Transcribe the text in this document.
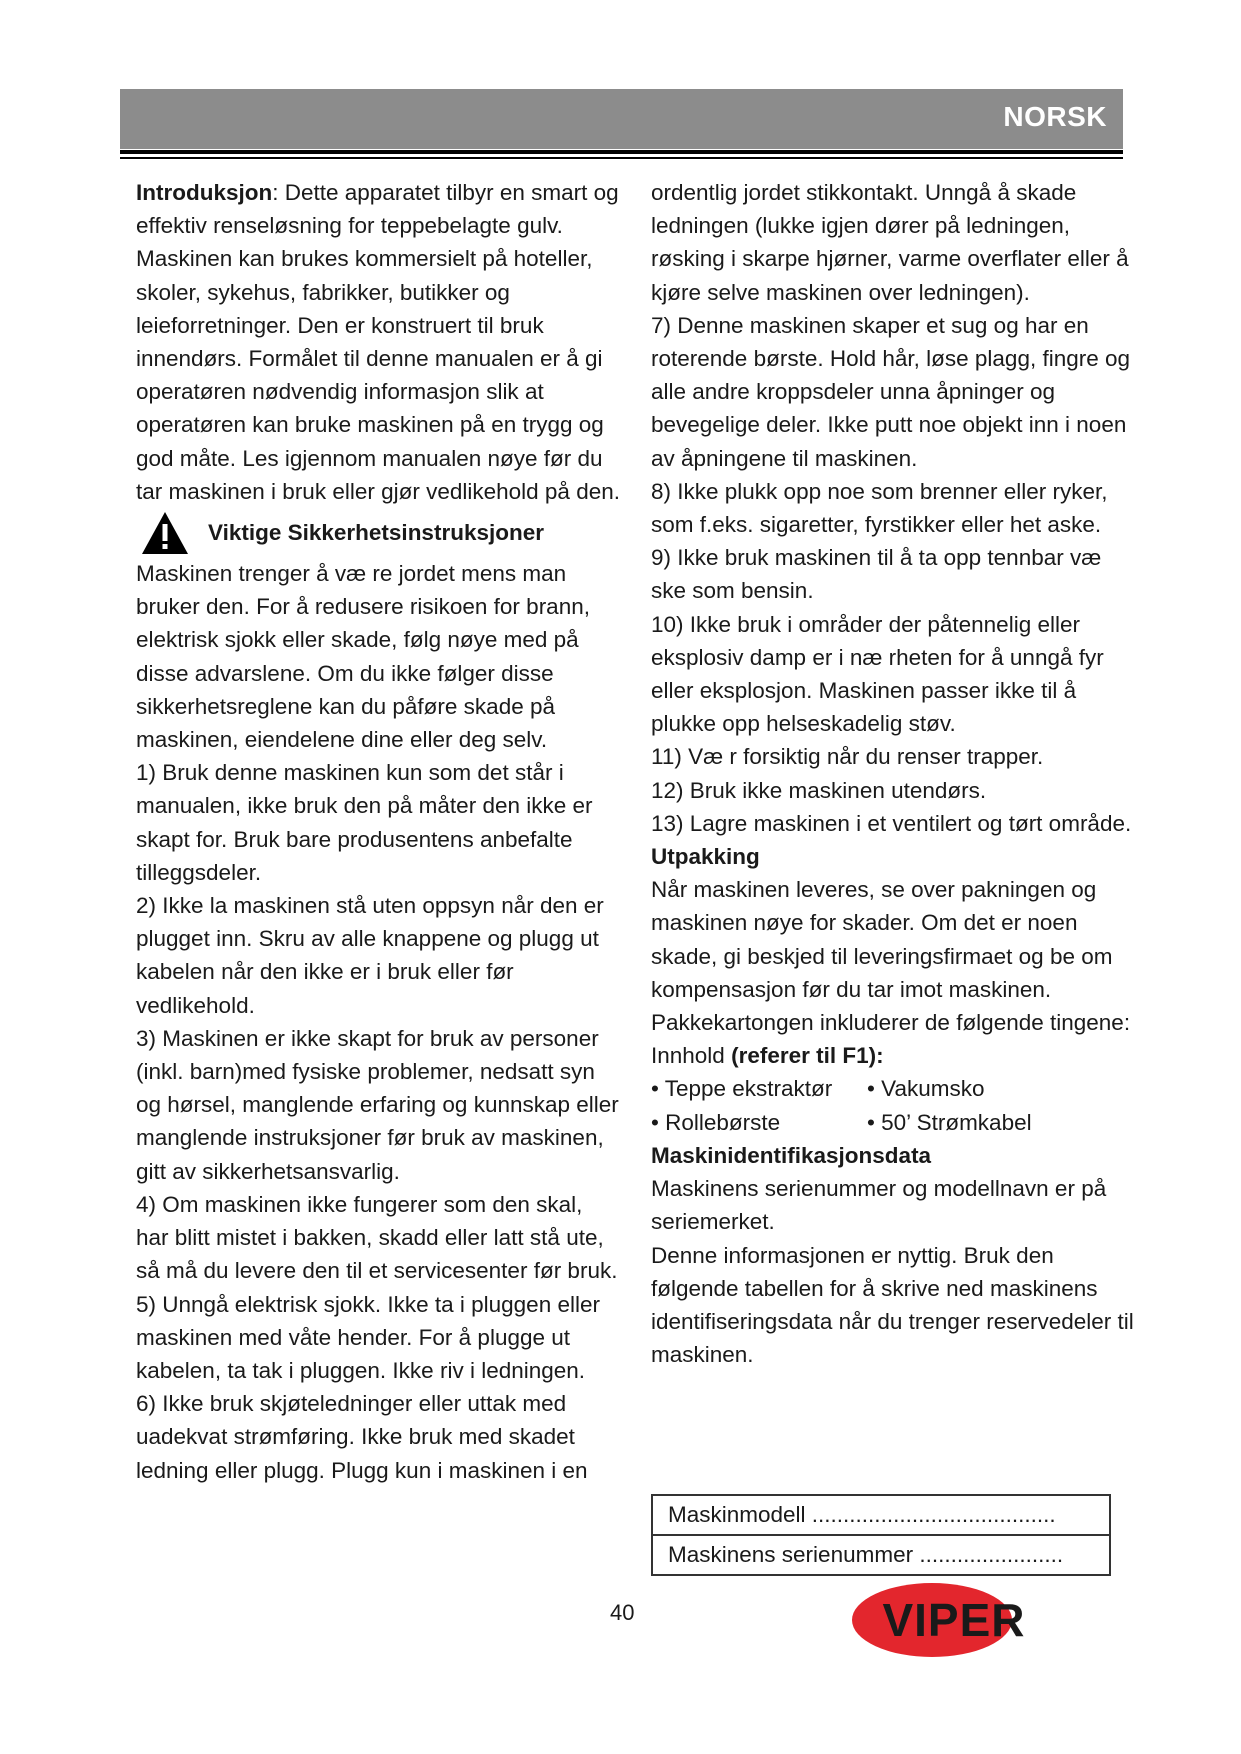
NORSK

Introduksjon: Dette apparatet tilbyr en smart og effektiv renseløsning for teppebelagte gulv. Maskinen kan brukes kommersielt på hoteller, skoler, sykehus, fabrikker, butikker og leieforretninger. Den er konstruert til bruk innendørs. Formålet til denne manualen er å gi operatøren nødvendig informasjon slik at operatøren kan bruke maskinen på en trygg og god måte. Les igjennom manualen nøye før du tar maskinen i bruk eller gjør vedlikehold på den.

Viktige Sikkerhetsinstruksjoner

Maskinen trenger å væ re jordet mens man bruker den. For å redusere risikoen for brann, elektrisk sjokk eller skade, følg nøye med på disse advarslene. Om du ikke følger disse sikkerhetsreglene kan du påføre skade på maskinen, eiendelene dine eller deg selv.

1) Bruk denne maskinen kun som det står i manualen, ikke bruk den på måter den ikke er skapt for. Bruk bare produsentens anbefalte tilleggsdeler.

2) Ikke la maskinen stå uten oppsyn når den er plugget inn. Skru av alle knappene og plugg ut kabelen når den ikke er i bruk eller før vedlikehold.

3) Maskinen er ikke skapt for bruk av personer (inkl. barn)med fysiske problemer, nedsatt syn og hørsel, manglende erfaring og kunnskap eller manglende instruksjoner før bruk av maskinen, gitt av sikkerhetsansvarlig.

4) Om maskinen ikke fungerer som den skal, har blitt mistet i bakken, skadd eller latt stå ute, så må du levere den til et servicesenter før bruk.

5) Unngå elektrisk sjokk. Ikke ta i pluggen eller maskinen med våte hender. For å plugge ut kabelen, ta tak i pluggen. Ikke riv i ledningen.

6) Ikke bruk skjøteledninger eller uttak med uadekvat strømføring. Ikke bruk med skadet ledning eller plugg. Plugg kun i maskinen i en

ordentlig jordet stikkontakt. Unngå å skade ledningen (lukke igjen dører på ledningen, røsking i skarpe hjørner, varme overflater eller å kjøre selve maskinen over ledningen).

7) Denne maskinen skaper et sug og har en roterende børste. Hold hår, løse plagg, fingre og alle andre kroppsdeler unna åpninger og bevegelige deler. Ikke putt noe objekt inn i noen av åpningene til maskinen.

8) Ikke plukk opp noe som brenner eller ryker, som f.eks. sigaretter, fyrstikker eller het aske.

9) Ikke bruk maskinen til å ta opp tennbar væ ske som bensin.

10) Ikke bruk i områder der påtennelig eller eksplosiv damp er i næ rheten for å unngå fyr eller eksplosjon. Maskinen passer ikke til å plukke opp helseskadelig støv.

11) Væ r forsiktig når du renser trapper.

12) Bruk ikke maskinen utendørs.

13) Lagre maskinen i et ventilert og tørt område.

Utpakking

Når maskinen leveres, se over pakningen og maskinen nøye for skader. Om det er noen skade, gi beskjed til leveringsfirmaet og be om kompensasjon før du tar imot maskinen. Pakkekartongen inkluderer de følgende tingene:

Innhold (referer til F1):

• Teppe ekstraktør	• Vakumsko
• Rollebørste	• 50’ Strømkabel

Maskinidentifikasjonsdata

Maskinens serienummer og modellnavn er på seriemerket.

Denne informasjonen er nyttig. Bruk den følgende tabellen for å skrive ned maskinens identifiseringsdata når du trenger reservedeler til maskinen.

Maskinmodell .......................................
Maskinens serienummer .......................
40	VIPER
